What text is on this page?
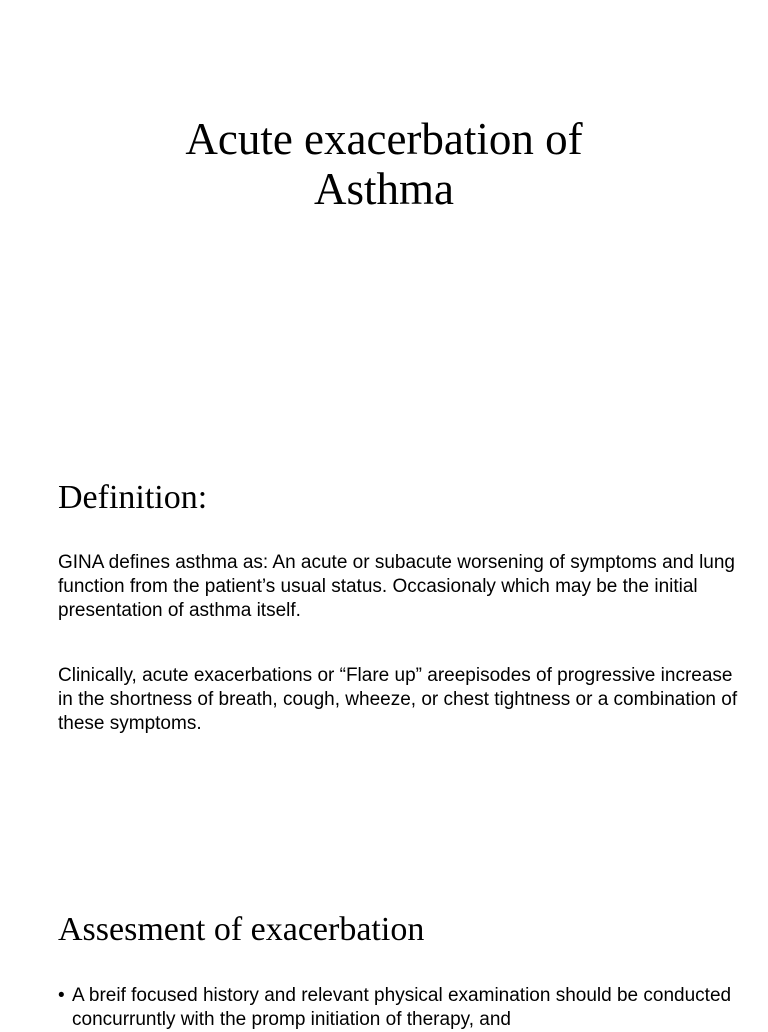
Acute exacerbation of
Asthma
Definition:

GINA defines asthma as: An acute or subacute worsening of symptoms and lung function from the patient’s usual status. Occasionaly which may be the initial presentation of asthma itself.

Clinically, acute exacerbations or “Flare up” areepisodes of progressive increase in the shortness of breath, cough, wheeze, or chest tightness or a combination of these symptoms.

Assesment of exacerbation
• A breif focused history and relevant physical examination should be conducted concurruntly with the promp initiation of therapy, and
